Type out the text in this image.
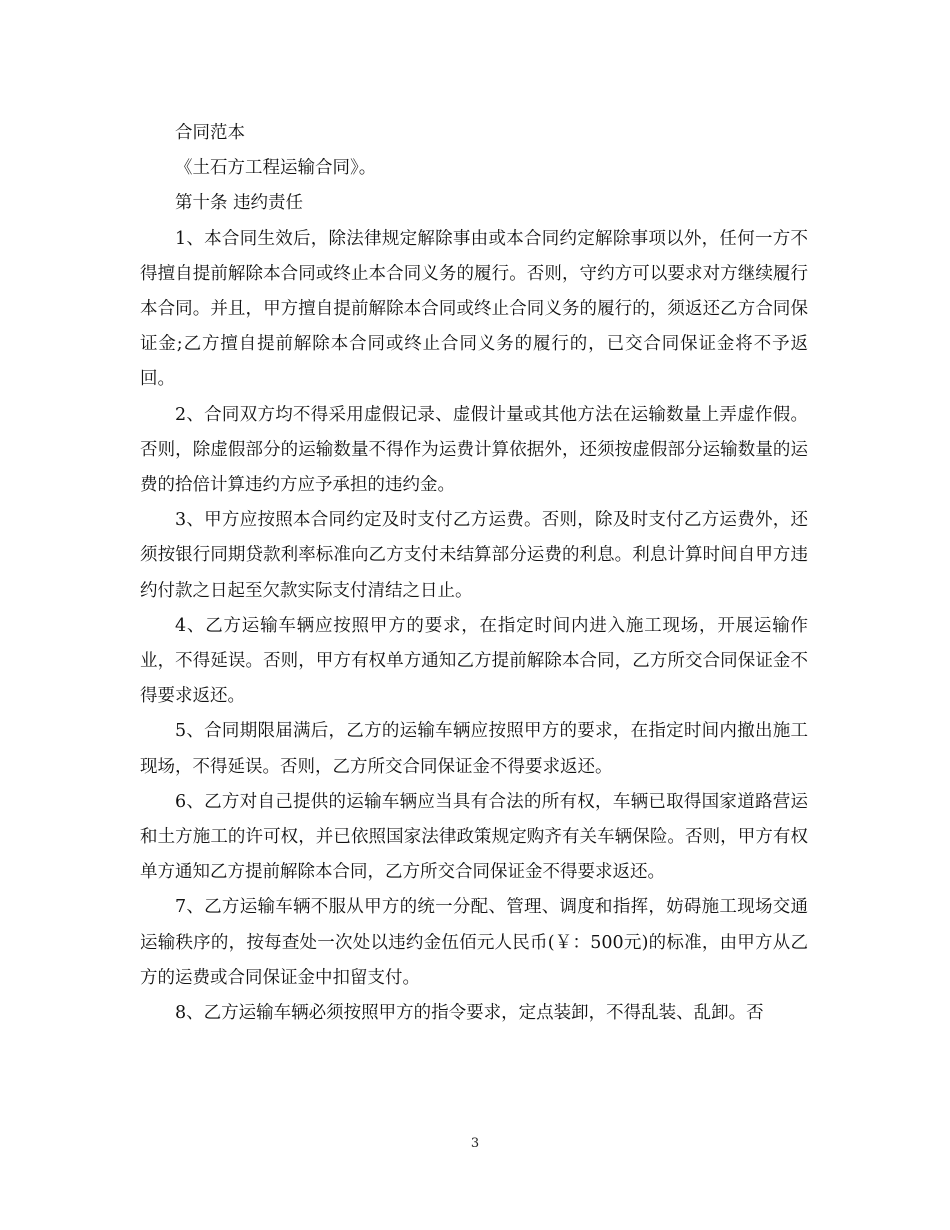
合同范本

《土石方工程运输合同》。

第十条 违约责任

1、本合同生效后，除法律规定解除事由或本合同约定解除事项以外，任何一方不得擅自提前解除本合同或终止本合同义务的履行。否则，守约方可以要求对方继续履行本合同。并且，甲方擅自提前解除本合同或终止合同义务的履行的，须返还乙方合同保证金;乙方擅自提前解除本合同或终止合同义务的履行的，已交合同保证金将不予返回。

2、合同双方均不得采用虚假记录、虚假计量或其他方法在运输数量上弄虚作假。否则，除虚假部分的运输数量不得作为运费计算依据外，还须按虚假部分运输数量的运费的拾倍计算违约方应予承担的违约金。

3、甲方应按照本合同约定及时支付乙方运费。否则，除及时支付乙方运费外，还须按银行同期贷款利率标准向乙方支付未结算部分运费的利息。利息计算时间自甲方违约付款之日起至欠款实际支付清结之日止。

4、乙方运输车辆应按照甲方的要求，在指定时间内进入施工现场，开展运输作业，不得延误。否则，甲方有权单方通知乙方提前解除本合同，乙方所交合同保证金不得要求返还。

5、合同期限届满后，乙方的运输车辆应按照甲方的要求，在指定时间内撤出施工现场，不得延误。否则，乙方所交合同保证金不得要求返还。

6、乙方对自己提供的运输车辆应当具有合法的所有权，车辆已取得国家道路营运和土方施工的许可权，并已依照国家法律政策规定购齐有关车辆保险。否则，甲方有权单方通知乙方提前解除本合同，乙方所交合同保证金不得要求返还。

7、乙方运输车辆不服从甲方的统一分配、管理、调度和指挥，妨碍施工现场交通运输秩序的，按每查处一次处以违约金伍佰元人民币(￥：500元)的标准，由甲方从乙方的运费或合同保证金中扣留支付。

8、乙方运输车辆必须按照甲方的指令要求，定点装卸，不得乱装、乱卸。否

3
